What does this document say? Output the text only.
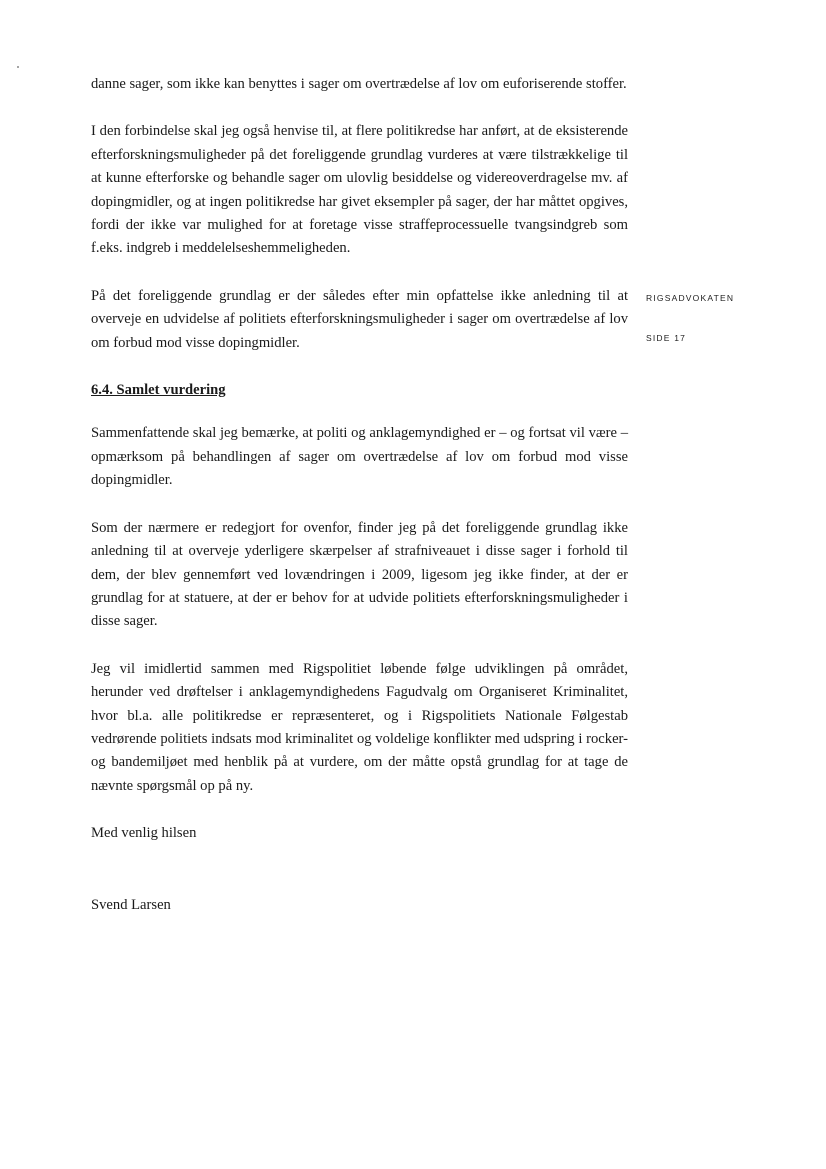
RIGSADVOKATEN
SIDE 17

danne sager, som ikke kan benyttes i sager om overtrædelse af lov om euforiserende stoffer.

I den forbindelse skal jeg også henvise til, at flere politikredse har anført, at de eksisterende efterforskningsmuligheder på det foreliggende grundlag vurderes at være tilstrækkelige til at kunne efterforske og behandle sager om ulovlig besiddelse og videreoverdragelse mv. af dopingmidler, og at ingen politikredse har givet eksempler på sager, der har måttet opgives, fordi der ikke var mulighed for at foretage visse straffeprocessuelle tvangsindgreb som f.eks. indgreb i meddelelseshemmeligheden.

På det foreliggende grundlag er der således efter min opfattelse ikke anledning til at overveje en udvidelse af politiets efterforskningsmuligheder i sager om overtrædelse af lov om forbud mod visse dopingmidler.

6.4. Samlet vurdering

Sammenfattende skal jeg bemærke, at politi og anklagemyndighed er – og fortsat vil være – opmærksom på behandlingen af sager om overtrædelse af lov om forbud mod visse dopingmidler.

Som der nærmere er redegjort for ovenfor, finder jeg på det foreliggende grundlag ikke anledning til at overveje yderligere skærpelser af strafniveauet i disse sager i forhold til dem, der blev gennemført ved lovændringen i 2009, ligesom jeg ikke finder, at der er grundlag for at statuere, at der er behov for at udvide politiets efterforskningsmuligheder i disse sager.

Jeg vil imidlertid sammen med Rigspolitiet løbende følge udviklingen på området, herunder ved drøftelser i anklagemyndighedens Fagudvalg om Organiseret Kriminalitet, hvor bl.a. alle politikredse er repræsenteret, og i Rigspolitiets Nationale Følgestab vedrørende politiets indsats mod kriminalitet og voldelige konflikter med udspring i rocker- og bandemiljøet med henblik på at vurdere, om der måtte opstå grundlag for at tage de nævnte spørgsmål op på ny.

Med venlig hilsen

Svend Larsen
